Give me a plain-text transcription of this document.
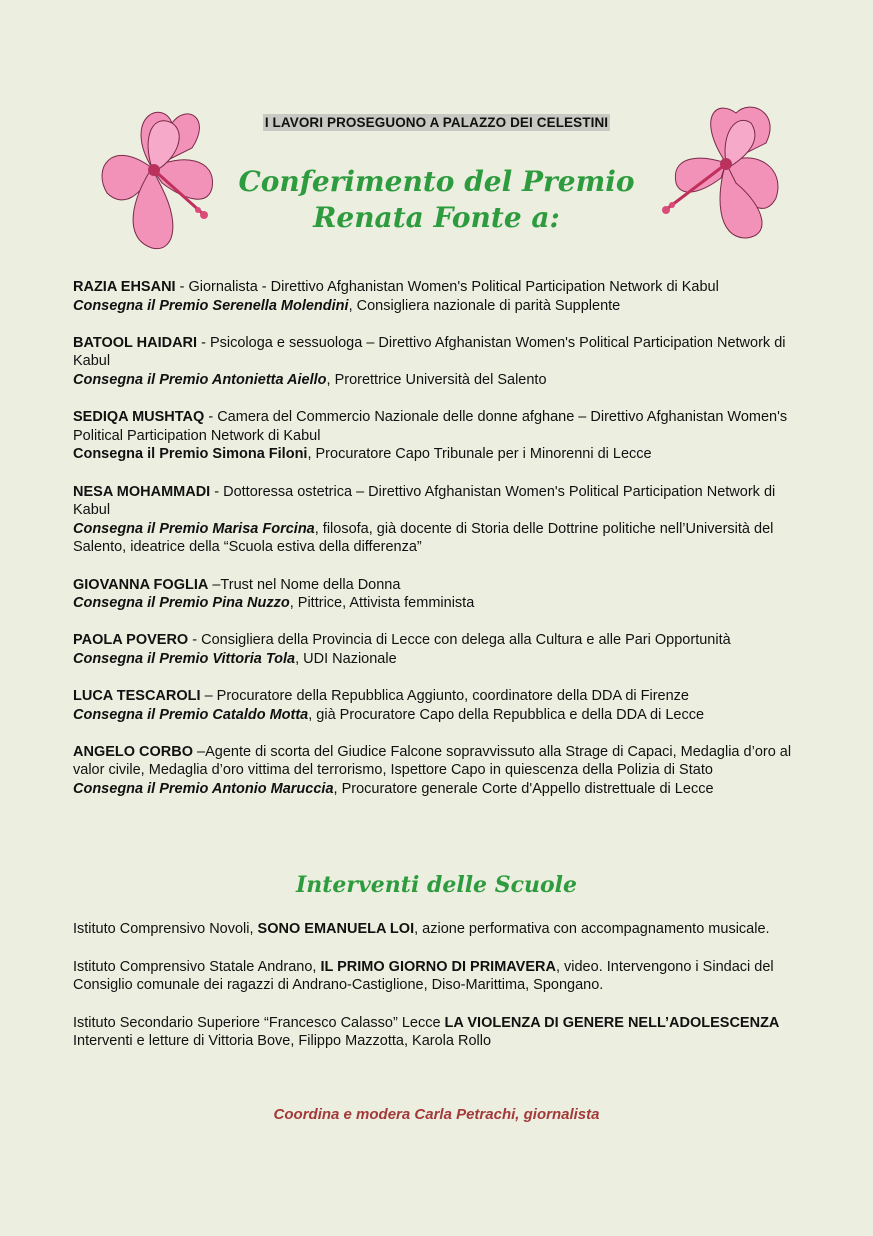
I LAVORI PROSEGUONO A PALAZZO DEI CELESTINI
Conferimento del Premio
Renata Fonte a:

RAZIA EHSANI - Giornalista - Direttivo Afghanistan Women's Political Participation Network di Kabul

Consegna il Premio Serenella Molendini, Consigliera nazionale di parità Supplente

BATOOL HAIDARI - Psicologa e sessuologa – Direttivo Afghanistan Women's Political Participation Network di Kabul

Consegna il Premio Antonietta Aiello, Prorettrice Università del Salento

SEDIQA MUSHTAQ - Camera del Commercio Nazionale delle donne afghane – Direttivo Afghanistan Women's Political Participation Network di Kabul

Consegna il Premio Simona Filoni, Procuratore Capo Tribunale per i Minorenni di Lecce

NESA MOHAMMADI - Dottoressa ostetrica – Direttivo Afghanistan Women's Political Participation Network di Kabul

Consegna il Premio Marisa Forcina, filosofa, già docente di Storia delle Dottrine politiche nell’Università del Salento, ideatrice della “Scuola estiva della differenza”

GIOVANNA FOGLIA –Trust nel Nome della Donna

Consegna il Premio Pina Nuzzo, Pittrice, Attivista femminista

PAOLA POVERO - Consigliera della Provincia di Lecce con delega alla Cultura e alle Pari Opportunità

Consegna il Premio Vittoria Tola, UDI Nazionale

LUCA TESCAROLI – Procuratore della Repubblica Aggiunto, coordinatore della DDA di Firenze

Consegna il Premio Cataldo Motta, già Procuratore Capo della Repubblica e della DDA di Lecce

ANGELO CORBO –Agente di scorta del Giudice Falcone sopravvissuto alla Strage di Capaci, Medaglia d’oro al valor civile, Medaglia d’oro vittima del terrorismo, Ispettore Capo in quiescenza della Polizia di Stato

Consegna il Premio Antonio Maruccia, Procuratore generale Corte d'Appello distrettuale di Lecce

Interventi delle Scuole

Istituto Comprensivo Novoli, SONO EMANUELA LOI, azione performativa con accompagnamento musicale.

Istituto Comprensivo Statale Andrano, IL PRIMO GIORNO DI PRIMAVERA, video. Intervengono i Sindaci del Consiglio comunale dei ragazzi di Andrano-Castiglione, Diso-Marittima, Spongano.

Istituto Secondario Superiore “Francesco Calasso” Lecce LA VIOLENZA DI GENERE NELL’ADOLESCENZA Interventi e letture di Vittoria Bove, Filippo Mazzotta, Karola Rollo

Coordina e modera Carla Petrachi, giornalista
